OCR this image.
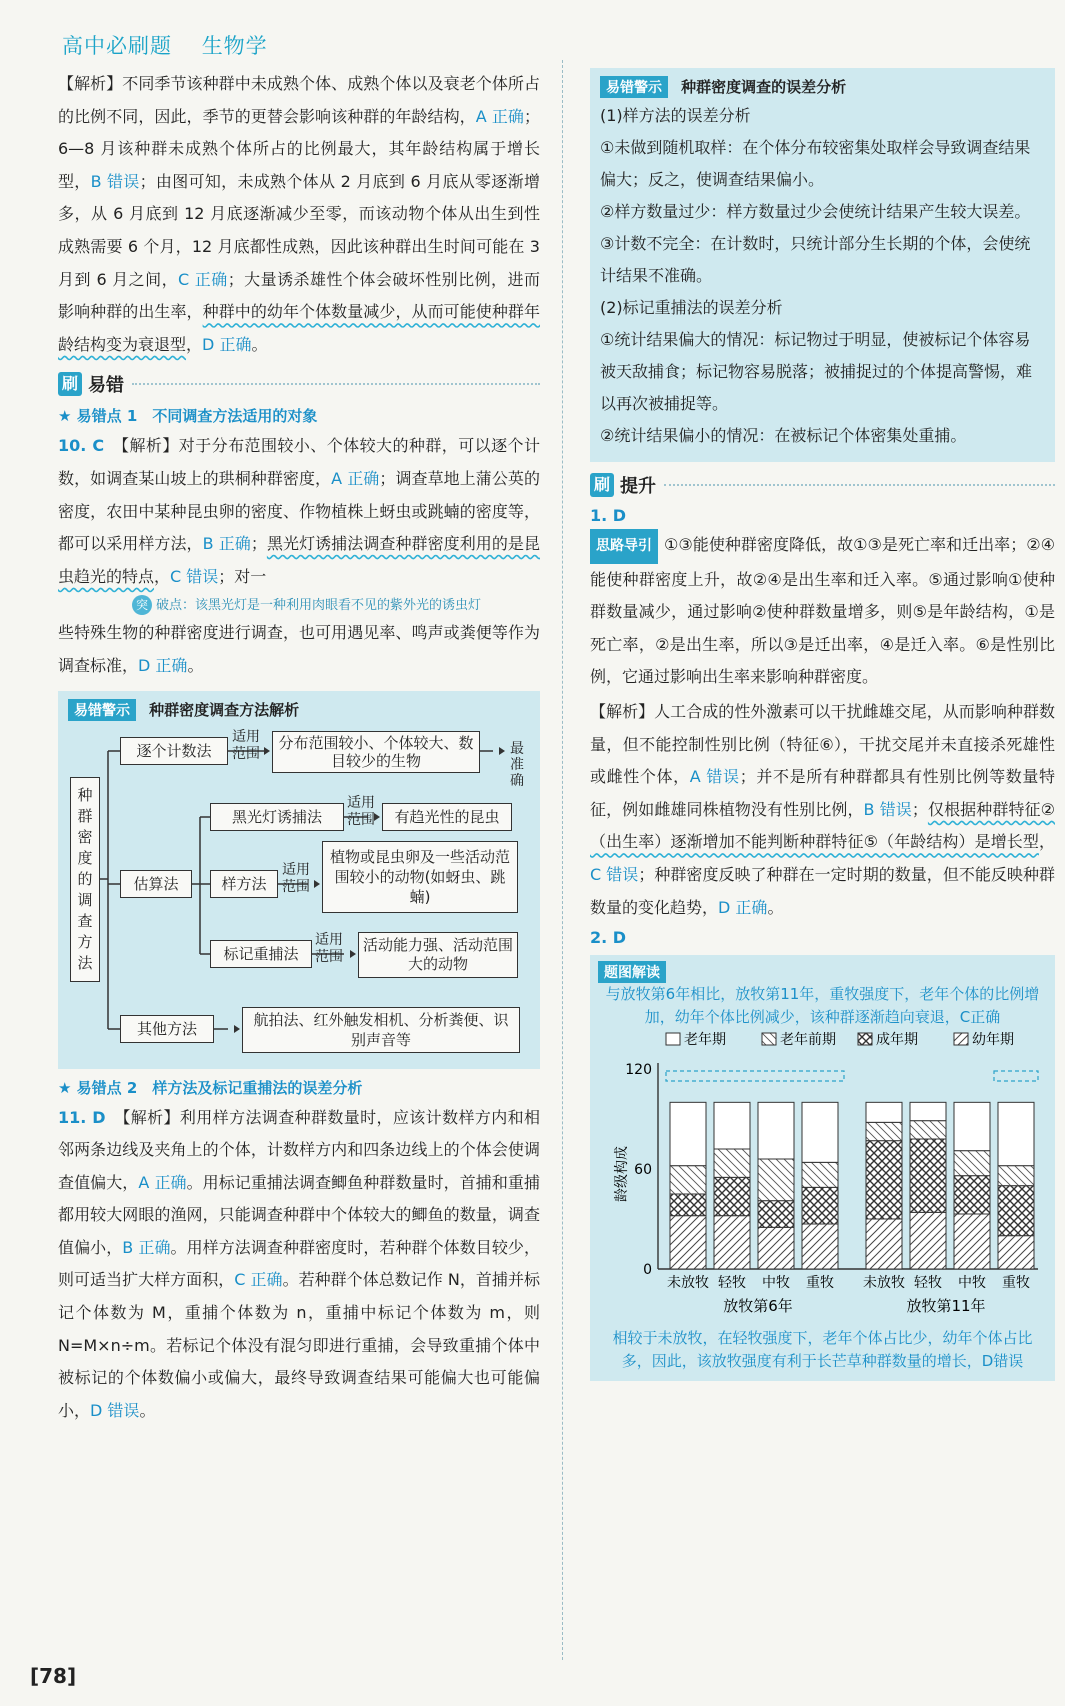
高中必刷题 生物学

【解析】不同季节该种群中未成熟个体、成熟个体以及衰老个体所占的比例不同，因此，季节的更替会影响该种群的年龄结构，A 正确；6—8 月该种群未成熟个体所占的比例最大，其年龄结构属于增长型，B 错误；由图可知，未成熟个体从 2 月底到 6 月底从零逐渐增多，从 6 月底到 12 月底逐渐减少至零，而该动物个体从出生到性成熟需要 6 个月，12 月底都性成熟，因此该种群出生时间可能在 3 月到 6 月之间，C 正确；大量诱杀雄性个体会破坏性别比例，进而影响种群的出生率，种群中的幼年个体数量减少，从而可能使种群年龄结构变为衰退型，D 正确。

刷 易错
★ 易错点 1　不同调查方法适用的对象

10. C　 【解析】对于分布范围较小、个体较大的种群，可以逐个计数，如调查某山坡上的珙桐种群密度，A 正确；调查草地上蒲公英的密度，农田中某种昆虫卵的密度、作物植株上蚜虫或跳蝻的密度等，都可以采用样方法，B 正确；黑光灯诱捕法调查种群密度利用的是昆虫趋光的特点，C 错误；对一

突 破点：该黑光灯是一种利用肉眼看不见的紫外光的诱虫灯

些特殊生物的种群密度进行调查，也可用遇见率、鸣声或粪便等作为调查标准，D 正确。

易错警示 种群密度调查方法解析
种群密度的调查方法
逐个计数法
适用范围
分布范围较小、个体较大、数目较少的生物
最准确
估算法
黑光灯诱捕法
适用范围	有趋光性的昆虫
样方法
适用范围
植物或昆虫卵及一些活动范围较小的动物(如蚜虫、跳蝻)
标记重捕法
适用范围
活动能力强、活动范围大的动物
其他方法	航拍法、红外触发相机、分析粪便、识别声音等
★ 易错点 2　样方法及标记重捕法的误差分析

11. D　 【解析】利用样方法调查种群数量时，应该计数样方内和相邻两条边线及夹角上的个体，计数样方内和四条边线上的个体会使调查值偏大，A 正确。用标记重捕法调查鲫鱼种群数量时，首捕和重捕都用较大网眼的渔网，只能调查种群中个体较大的鲫鱼的数量，调查值偏小，B 正确。用样方法调查种群密度时，若种群个体数目较少，则可适当扩大样方面积，C 正确。若种群个体总数记作 N，首捕并标记个体数为 M，重捕个体数为 n，重捕中标记个体数为 m，则 N=M×n÷m。若标记个体没有混匀即进行重捕，会导致重捕个体中被标记的个体数偏小或偏大，最终导致调查结果可能偏大也可能偏小，D 错误。

易错警示 种群密度调查的误差分析

(1)样方法的误差分析

①未做到随机取样：在个体分布较密集处取样会导致调查结果偏大；反之，使调查结果偏小。

②样方数量过少：样方数量过少会使统计结果产生较大误差。

③计数不完全：在计数时，只统计部分生长期的个体，会使统计结果不准确。

(2)标记重捕法的误差分析

①统计结果偏大的情况：标记物过于明显，使被标记个体容易被天敌捕食；标记物容易脱落；被捕捉过的个体提高警惕，难以再次被捕捉等。

②统计结果偏小的情况：在被标记个体密集处重捕。

刷 提升
1. D

思路导引 ①③能使种群密度降低，故①③是死亡率和迁出率；②④能使种群密度上升，故②④是出生率和迁入率。⑤通过影响①使种群数量减少，通过影响②使种群数量增多，则⑤是年龄结构，①是死亡率，②是出生率，所以③是迁出率，④是迁入率。⑥是性别比例，它通过影响出生率来影响种群密度。

【解析】人工合成的性外激素可以干扰雌雄交尾，从而影响种群数量，但不能控制性别比例（特征⑥），干扰交尾并未直接杀死雄性或雌性个体，A 错误；并不是所有种群都具有性别比例等数量特征，例如雌雄同株植物没有性别比例，B 错误；仅根据种群特征②（出生率）逐渐增加不能判断种群特征⑤（年龄结构）是增长型，C 错误；种群密度反映了种群在一定时期的数量，但不能反映种群数量的变化趋势，D 正确。

2. D
题图解读
与放牧第6年相比，放牧第11年，重牧强度下，老年个体的比例增加，幼年个体比例减少，该种群逐渐趋向衰退，C正确
0
60
120
龄级构成
老年期	老年前期	成年期	幼年期
未放牧 轻牧 中牧 重牧 未放牧 轻牧 中牧 重牧
放牧第6年	放牧第11年
相较于未放牧，在轻牧强度下，老年个体占比少，幼年个体占比多，因此，该放牧强度有利于长芒草种群数量的增长，D错误
[78]
